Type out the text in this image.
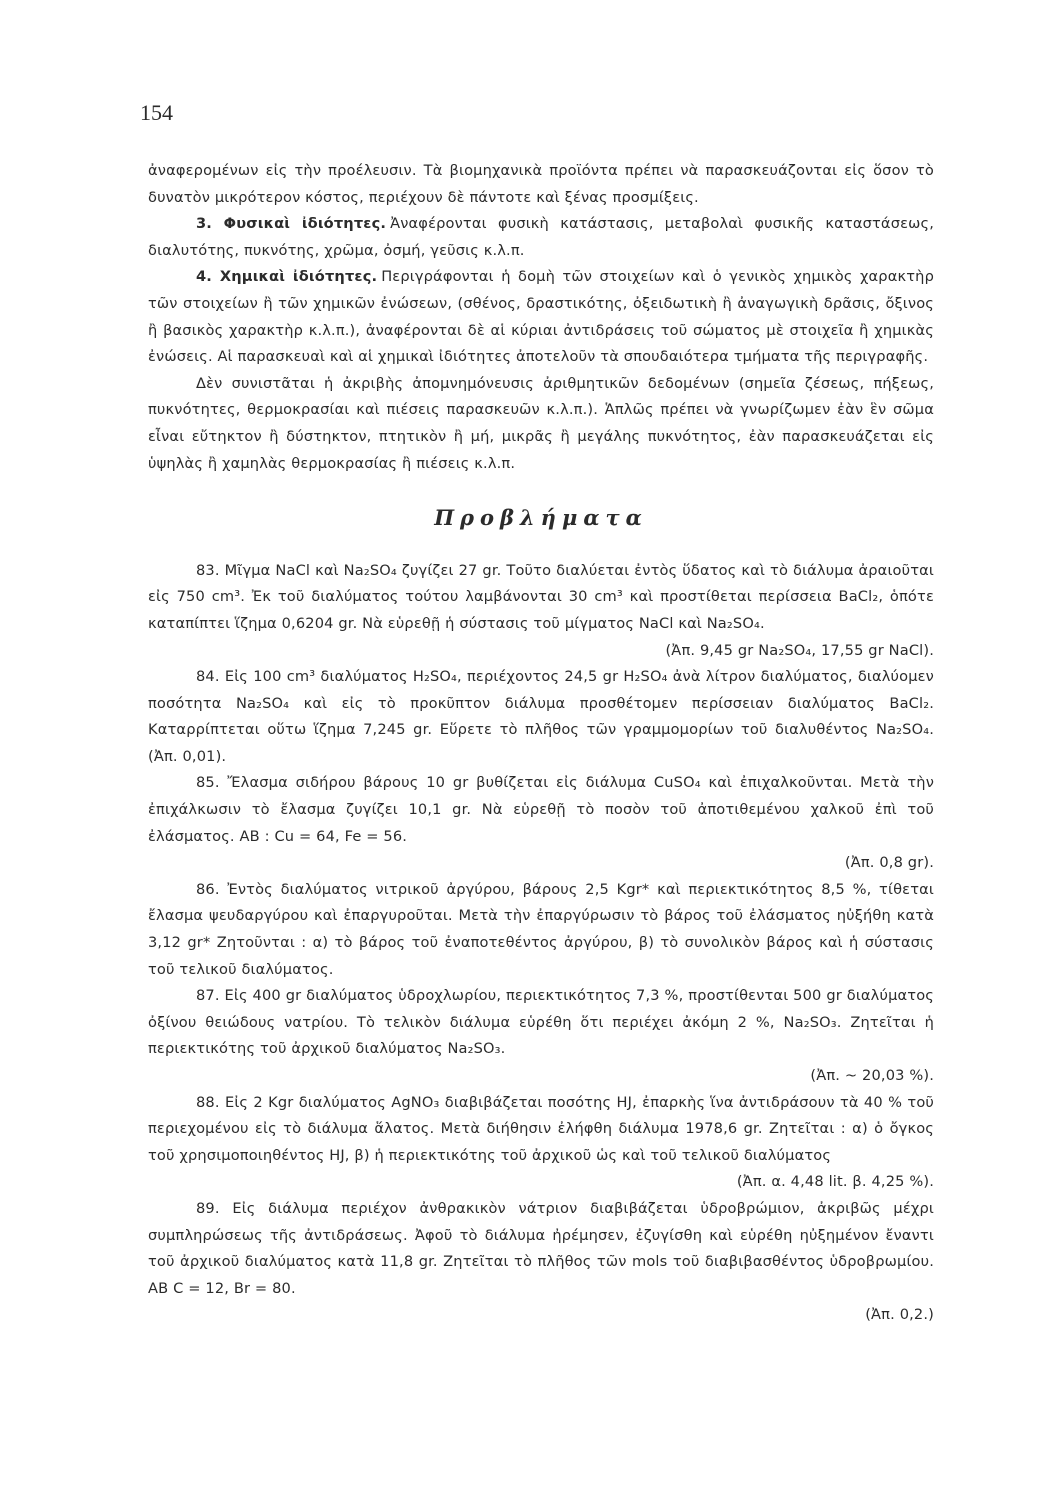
154

ἀναφερομένων εἰς τὴν προέλευσιν. Τὰ βιομηχανικὰ προϊόντα πρέπει νὰ παρασκευάζονται εἰς ὅσον τὸ δυνατὸν μικρότερον κόστος, περιέχουν δὲ πάντοτε καὶ ξένας προσμίξεις.

3. Φυσικαὶ ἰδιότητες. Ἀναφέρονται φυσικὴ κατάστασις, μεταβολαὶ φυσικῆς καταστάσεως, διαλυτότης, πυκνότης, χρῶμα, ὀσμή, γεῦσις κ.λ.π.

4. Χημικαὶ ἰδιότητες. Περιγράφονται ἡ δομὴ τῶν στοιχείων καὶ ὁ γενικὸς χημικὸς χαρακτὴρ τῶν στοιχείων ἢ τῶν χημικῶν ἐνώσεων, (σθένος, δραστικότης, ὀξειδωτικὴ ἢ ἀναγωγικὴ δρᾶσις, ὄξινος ἢ βασικὸς χαρακτὴρ κ.λ.π.), ἀναφέρονται δὲ αἱ κύριαι ἀντιδράσεις τοῦ σώματος μὲ στοιχεῖα ἢ χημικὰς ἐνώσεις. Αἱ παρασκευαὶ καὶ αἱ χημικαὶ ἰδιότητες ἀποτελοῦν τὰ σπουδαιότερα τμήματα τῆς περιγραφῆς.

Δὲν συνιστᾶται ἡ ἀκριβὴς ἀπομνημόνευσις ἀριθμητικῶν δεδομένων (σημεῖα ζέσεως, πήξεως, πυκνότητες, θερμοκρασίαι καὶ πιέσεις παρασκευῶν κ.λ.π.). Ἁπλῶς πρέπει νὰ γνωρίζωμεν ἐὰν ἓν σῶμα εἶναι εὔτηκτον ἢ δύστηκτον, πτητικὸν ἢ μή, μικρᾶς ἢ μεγάλης πυκνότητος, ἐὰν παρασκευάζεται εἰς ὑψηλὰς ἢ χαμηλὰς θερμοκρασίας ἢ πιέσεις κ.λ.π.

Προβλήματα

83. Μῖγμα NaCl καὶ Na₂SO₄ ζυγίζει 27 gr. Τοῦτο διαλύεται ἐντὸς ὕδατος καὶ τὸ διάλυμα ἀραιοῦται εἰς 750 cm³. Ἐκ τοῦ διαλύματος τούτου λαμβάνονται 30 cm³ καὶ προστίθεται περίσσεια BaCl₂, ὁπότε καταπίπτει ἵζημα 0,6204 gr. Νὰ εὑρεθῇ ἡ σύστασις τοῦ μίγματος NaCl καὶ Na₂SO₄.

(Ἀπ. 9,45 gr Na₂SO₄, 17,55 gr NaCl).

84. Εἰς 100 cm³ διαλύματος H₂SO₄, περιέχοντος 24,5 gr H₂SO₄ ἀνὰ λίτρον διαλύματος, διαλύομεν ποσότητα Na₂SO₄ καὶ εἰς τὸ προκῦπτον διάλυμα προσθέτομεν περίσσειαν διαλύματος BaCl₂. Καταρρίπτεται οὕτω ἵζημα 7,245 gr. Εὕρετε τὸ πλῆθος τῶν γραμμομορίων τοῦ διαλυθέντος Na₂SO₄. (Ἀπ. 0,01).

85. Ἔλασμα σιδήρου βάρους 10 gr βυθίζεται εἰς διάλυμα CuSO₄ καὶ ἐπιχαλκοῦνται. Μετὰ τὴν ἐπιχάλκωσιν τὸ ἔλασμα ζυγίζει 10,1 gr. Νὰ εὑρεθῇ τὸ ποσὸν τοῦ ἀποτιθεμένου χαλκοῦ ἐπὶ τοῦ ἐλάσματος. ΑΒ : Cu = 64, Fe = 56.

(Ἀπ. 0,8 gr).

86. Ἐντὸς διαλύματος νιτρικοῦ ἀργύρου, βάρους 2,5 Kgr* καὶ περιεκτικότητος 8,5 %, τίθεται ἔλασμα ψευδαργύρου καὶ ἐπαργυροῦται. Μετὰ τὴν ἐπαργύρωσιν τὸ βάρος τοῦ ἐλάσματος ηὐξήθη κατὰ 3,12 gr* Ζητοῦνται : α) τὸ βάρος τοῦ ἐναποτεθέντος ἀργύρου, β) τὸ συνολικὸν βάρος καὶ ἡ σύστασις τοῦ τελικοῦ διαλύματος.

87. Εἰς 400 gr διαλύματος ὑδροχλωρίου, περιεκτικότητος 7,3 %, προστίθενται 500 gr διαλύματος ὀξίνου θειώδους νατρίου. Τὸ τελικὸν διάλυμα εὑρέθη ὅτι περιέχει ἀκόμη 2 %, Na₂SO₃. Ζητεῖται ἡ περιεκτικότης τοῦ ἀρχικοῦ διαλύματος Na₂SO₃.

(Ἀπ. ~ 20,03 %).

88. Εἰς 2 Kgr διαλύματος AgNO₃ διαβιβάζεται ποσότης HJ, ἐπαρκὴς ἵνα ἀντιδράσουν τὰ 40 % τοῦ περιεχομένου εἰς τὸ διάλυμα ἅλατος. Μετὰ διήθησιν ἐλήφθη διάλυμα 1978,6 gr. Ζητεῖται : α) ὁ ὄγκος τοῦ χρησιμοποιηθέντος HJ, β) ἡ περιεκτικότης τοῦ ἀρχικοῦ ὡς καὶ τοῦ τελικοῦ διαλύματος

(Ἀπ. α. 4,48 lit. β. 4,25 %).

89. Εἰς διάλυμα περιέχον ἀνθρακικὸν νάτριον διαβιβάζεται ὑδροβρώμιον, ἀκριβῶς μέχρι συμπληρώσεως τῆς ἀντιδράσεως. Ἀφοῦ τὸ διάλυμα ἠρέμησεν, ἐζυγίσθη καὶ εὑρέθη ηὐξημένον ἔναντι τοῦ ἀρχικοῦ διαλύματος κατὰ 11,8 gr. Ζητεῖται τὸ πλῆθος τῶν mols τοῦ διαβιβασθέντος ὑδροβρωμίου. ΑΒ C = 12, Br = 80.

(Ἀπ. 0,2.)
